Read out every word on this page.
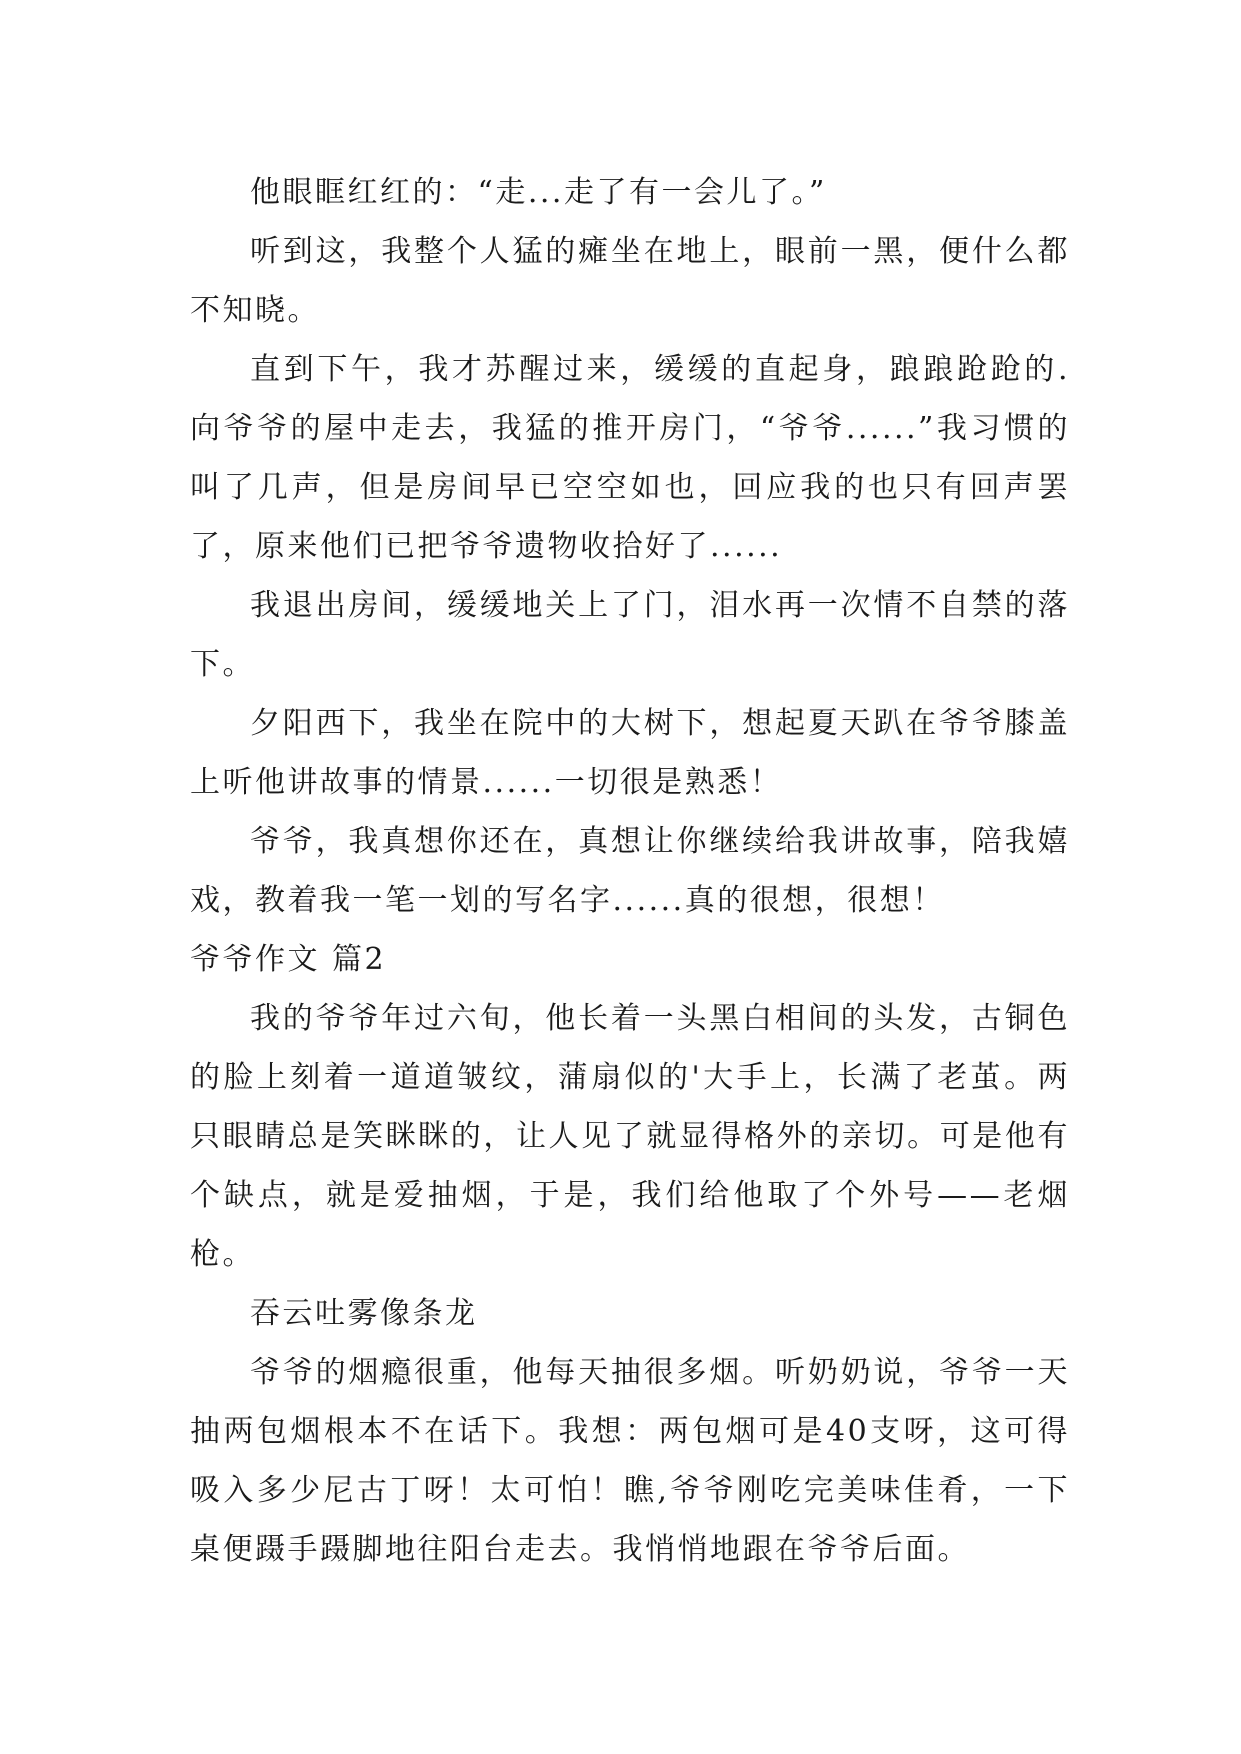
他眼眶红红的：“走...走了有一会儿了。”

听到这，我整个人猛的瘫坐在地上，眼前一黑，便什么都不知晓。

直到下午，我才苏醒过来，缓缓的直起身，踉踉跄跄的.向爷爷的屋中走去，我猛的推开房门，“爷爷......”我习惯的叫了几声，但是房间早已空空如也，回应我的也只有回声罢了，原来他们已把爷爷遗物收拾好了......

我退出房间，缓缓地关上了门，泪水再一次情不自禁的落下。

夕阳西下，我坐在院中的大树下，想起夏天趴在爷爷膝盖上听他讲故事的情景......一切很是熟悉！

爷爷，我真想你还在，真想让你继续给我讲故事，陪我嬉戏，教着我一笔一划的写名字......真的很想，很想！

爷爷作文 篇2

我的爷爷年过六旬，他长着一头黑白相间的头发，古铜色的脸上刻着一道道皱纹，蒲扇似的'大手上，长满了老茧。两只眼睛总是笑眯眯的，让人见了就显得格外的亲切。可是他有个缺点，就是爱抽烟，于是，我们给他取了个外号——老烟枪。

吞云吐雾像条龙

爷爷的烟瘾很重，他每天抽很多烟。听奶奶说，爷爷一天抽两包烟根本不在话下。我想：两包烟可是40支呀，这可得吸入多少尼古丁呀！太可怕！瞧,爷爷刚吃完美味佳肴，一下桌便蹑手蹑脚地往阳台走去。我悄悄地跟在爷爷后面。
